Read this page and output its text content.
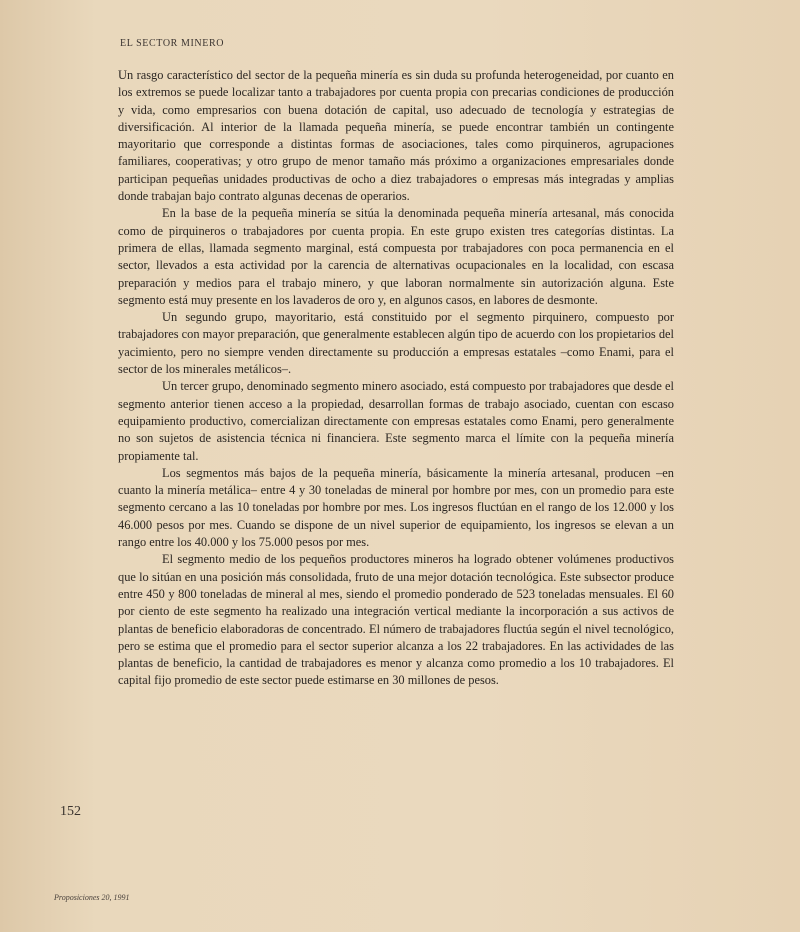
EL SECTOR MINERO

Un rasgo característico del sector de la pequeña minería es sin duda su profunda heterogeneidad, por cuanto en los extremos se puede localizar tanto a trabajadores por cuenta propia con precarias condiciones de producción y vida, como empresarios con buena dotación de capital, uso adecuado de tecnología y estrategias de diversificación. Al interior de la llamada pequeña minería, se puede encontrar también un contingente mayoritario que corresponde a distintas formas de asociaciones, tales como pirquineros, agrupaciones familiares, cooperativas; y otro grupo de menor tamaño más próximo a organizaciones empresariales donde participan pequeñas unidades productivas de ocho a diez trabajadores o empresas más integradas y amplias donde trabajan bajo contrato algunas decenas de operarios.

En la base de la pequeña minería se sitúa la denominada pequeña minería artesanal, más conocida como de pirquineros o trabajadores por cuenta propia. En este grupo existen tres categorías distintas. La primera de ellas, llamada segmento marginal, está compuesta por trabajadores con poca permanencia en el sector, llevados a esta actividad por la carencia de alternativas ocupacionales en la localidad, con escasa preparación y medios para el trabajo minero, y que laboran normalmente sin autorización alguna. Este segmento está muy presente en los lavaderos de oro y, en algunos casos, en labores de desmonte.

Un segundo grupo, mayoritario, está constituido por el segmento pirquinero, compuesto por trabajadores con mayor preparación, que generalmente establecen algún tipo de acuerdo con los propietarios del yacimiento, pero no siempre venden directamente su producción a empresas estatales –como Enami, para el sector de los minerales metálicos–.

Un tercer grupo, denominado segmento minero asociado, está compuesto por trabajadores que desde el segmento anterior tienen acceso a la propiedad, desarrollan formas de trabajo asociado, cuentan con escaso equipamiento productivo, comercializan directamente con empresas estatales como Enami, pero generalmente no son sujetos de asistencia técnica ni financiera. Este segmento marca el límite con la pequeña minería propiamente tal.

Los segmentos más bajos de la pequeña minería, básicamente la minería artesanal, producen –en cuanto la minería metálica– entre 4 y 30 toneladas de mineral por hombre por mes, con un promedio para este segmento cercano a las 10 toneladas por hombre por mes. Los ingresos fluctúan en el rango de los 12.000 y los 46.000 pesos por mes. Cuando se dispone de un nivel superior de equipamiento, los ingresos se elevan a un rango entre los 40.000 y los 75.000 pesos por mes.

El segmento medio de los pequeños productores mineros ha logrado obtener volúmenes productivos que lo sitúan en una posición más consolidada, fruto de una mejor dotación tecnológica. Este subsector produce entre 450 y 800 toneladas de mineral al mes, siendo el promedio ponderado de 523 toneladas mensuales. El 60 por ciento de este segmento ha realizado una integración vertical mediante la incorporación a sus activos de plantas de beneficio elaboradoras de concentrado. El número de trabajadores fluctúa según el nivel tecnológico, pero se estima que el promedio para el sector superior alcanza a los 22 trabajadores. En las actividades de las plantas de beneficio, la cantidad de trabajadores es menor y alcanza como promedio a los 10 trabajadores. El capital fijo promedio de este sector puede estimarse en 30 millones de pesos.

152
Proposiciones 20, 1991
